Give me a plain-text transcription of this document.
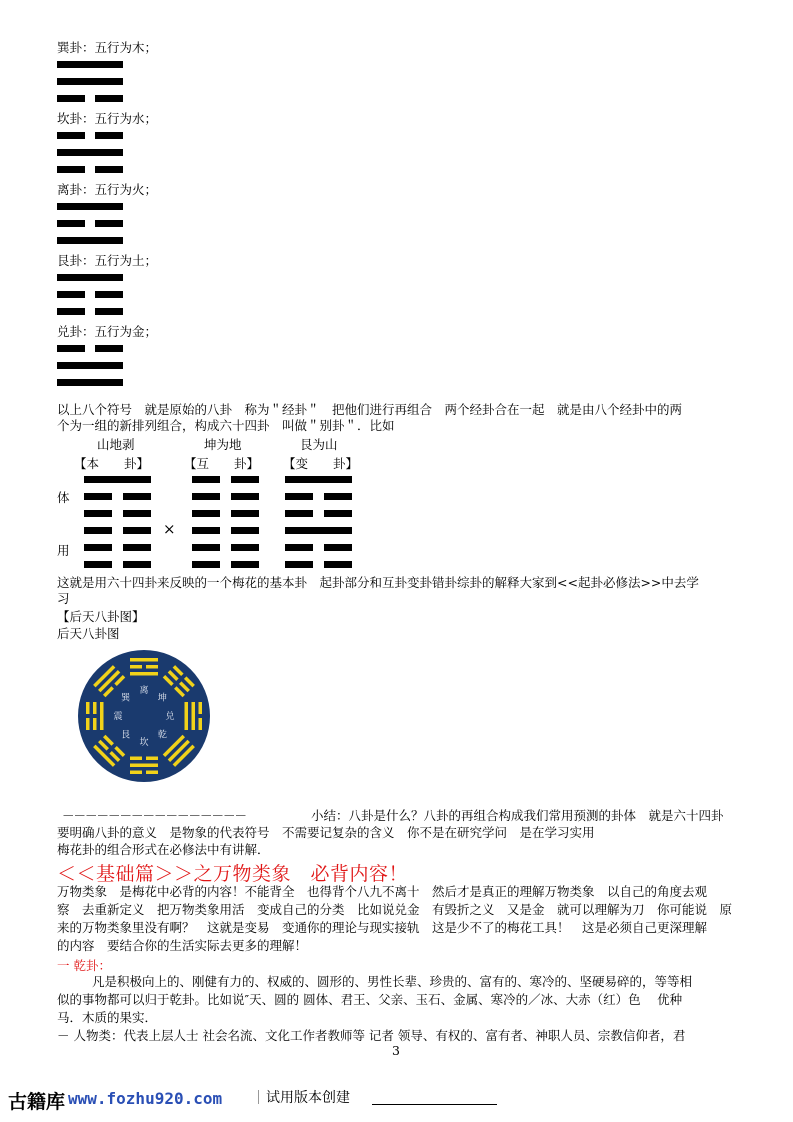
巽卦：五行为木；
坎卦：五行为水；
离卦：五行为火；
艮卦：五行为土；
兑卦：五行为金；
以上八个符号　就是原始的八卦　称为＂经卦＂　把他们进行再组合　两个经卦合在一起　就是由八个经卦中的两
个为一组的新排列组合，构成六十四卦　叫做＂别卦＂．比如
山地剥	坤为地	艮为山
【本　　卦】	【互　　卦】 【变　　卦】
体
用
×
这就是用六十四卦来反映的一个梅花的基本卦　起卦部分和互卦变卦错卦综卦的解释大家到<<起卦必修法>>中去学
习
【后天八卦图】
后天八卦图
离
坤
兑
乾
坎
艮
震
巽
－－－－－－－－－－－－－－－－	小结：八卦是什么？八卦的再组合构成我们常用预测的卦体　就是六十四卦
要明确八卦的意义　是物象的代表符号　不需要记复杂的含义　你不是在研究学问　是在学习实用
梅花卦的组合形式在必修法中有讲解．
＜＜基础篇＞＞之万物类象　必背内容！
万物类象　是梅花中必背的内容！不能背全　也得背个八九不离十　然后才是真正的理解万物类象　以自己的角度去观
察　去重新定义　把万物类象用活　变成自己的分类　比如说兑金　有毁折之义　又是金　就可以理解为刀　你可能说　原
来的万物类象里没有啊？　这就是变易　变通你的理论与现实接轨　这是少不了的梅花工具！　这是必须自己更深理解
的内容　要结合你的生活实际去更多的理解！
一 乾卦：
凡是积极向上的、刚健有力的、权威的、圆形的、男性长辈、珍贵的、富有的、寒冷的、坚硬易碎的，等等相
似的事物都可以归于乾卦。比如说″天、圆的 圆体、君王、父亲、玉石、金属、寒冷的／冰、大赤（红）色　 优种
马．木质的果实．
－ 人物类：代表上层人士 社会名流、文化工作者教师等 记者 领导、有权的、富有者、神职人员、宗教信仰者，君
3
古籍库 www.fozhu920.com	试用版本创建
